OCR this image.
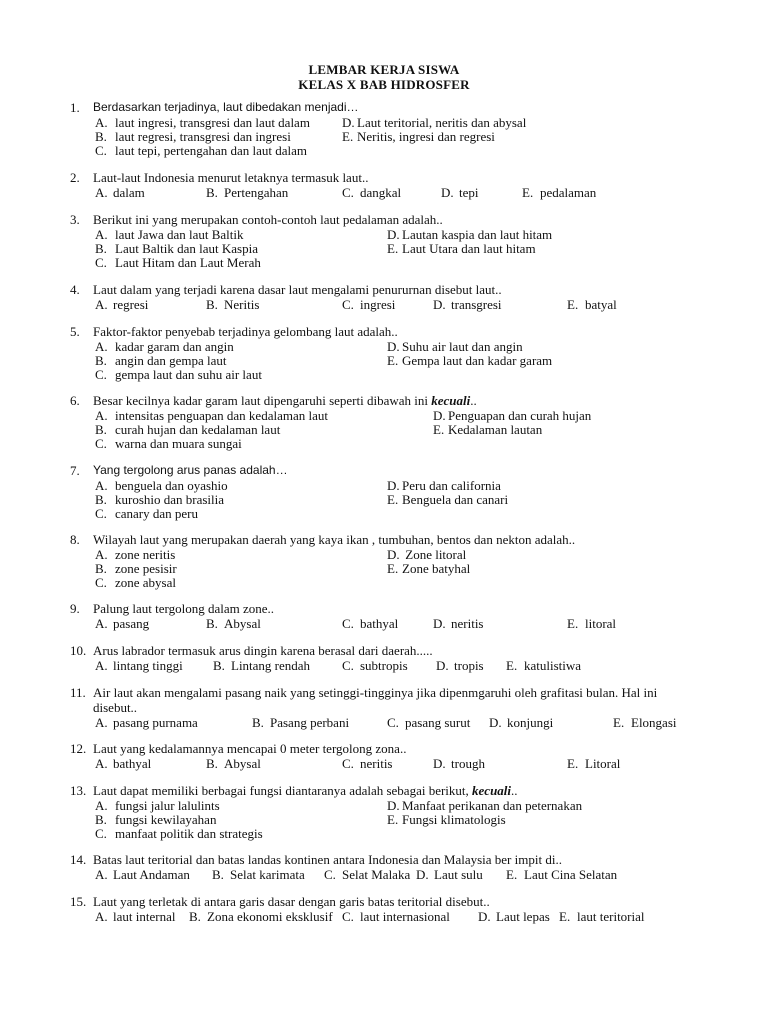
LEMBAR KERJA SISWA
KELAS X BAB HIDROSFER
1. Berdasarkan terjadinya, laut dibedakan menjadi…
A. laut ingresi, transgresi dan laut dalam D. Laut teritorial, neritis dan abysal
B. laut regresi, transgresi dan ingresi	E. Neritis, ingresi dan regresi
C. laut tepi, pertengahan dan laut dalam
2. Laut-laut Indonesia menurut letaknya termasuk laut..
A. dalam	B. Pertengahan	C. dangkal	D. tepi	E. pedalaman
3. Berikut ini yang merupakan contoh-contoh laut pedalaman adalah..
A. laut Jawa dan laut Baltik	D. Lautan kaspia dan laut hitam
B. Laut Baltik dan laut Kaspia	E. Laut Utara dan laut hitam
C. Laut Hitam dan Laut Merah
4. Laut dalam yang terjadi karena dasar laut mengalami penururnan disebut laut..
A. regresi	B. Neritis	C. ingresi	D. transgresi	E. batyal
5. Faktor-faktor penyebab terjadinya gelombang laut adalah..
A. kadar garam dan angin	D. Suhu air laut dan angin
B. angin dan gempa laut	E. Gempa laut dan kadar garam
C. gempa laut dan suhu air laut
6. Besar kecilnya kadar garam laut dipengaruhi seperti dibawah ini kecuali..
A. intensitas penguapan dan kedalaman laut	D. Penguapan dan curah hujan
B. curah hujan dan kedalaman laut	E. Kedalaman lautan
C. warna dan muara sungai
7. Yang tergolong arus panas adalah…
A. benguela dan oyashio	D. Peru dan california
B. kuroshio dan brasilia	E. Benguela dan canari
C. canary dan peru
8. Wilayah laut yang merupakan daerah yang kaya ikan , tumbuhan, bentos dan nekton adalah..
A. zone neritis	D. Zone litoral
B. zone pesisir	E. Zone batyhal
C. zone abysal
9. Palung laut tergolong dalam zone..
A. pasang	B. Abysal	C. bathyal	D. neritis	E. litoral
10. Arus labrador termasuk arus dingin karena berasal dari daerah.....
A. lintang tinggi B. Lintang rendah C. subtropis D. tropis E. katulistiwa
11. Air laut akan mengalami pasang naik yang setinggi-tingginya jika dipenmgaruhi oleh grafitasi bulan. Hal ini
disebut..
A. pasang purnama	B. Pasang perbani	C. pasang surut D. konjungi	E. Elongasi
12. Laut yang kedalamannya mencapai 0 meter tergolong zona..
A. bathyal	B. Abysal	C. neritis	D. trough	E. Litoral
13. Laut dapat memiliki berbagai fungsi diantaranya adalah sebagai berikut, kecuali..
A. fungsi jalur lalulints	D. Manfaat perikanan dan peternakan
B. fungsi kewilayahan	E. Fungsi klimatologis
C. manfaat politik dan strategis
14. Batas laut teritorial dan batas landas kontinen antara Indonesia dan Malaysia ber impit di..
A. Laut Andaman B. Selat karimata C. Selat Malaka D. Laut sulu E. Laut Cina Selatan
15. Laut yang terletak di antara garis dasar dengan garis batas teritorial disebut..
A. laut internal B. Zona ekonomi eksklusif C. laut internasional D. Laut lepas E. laut teritorial
